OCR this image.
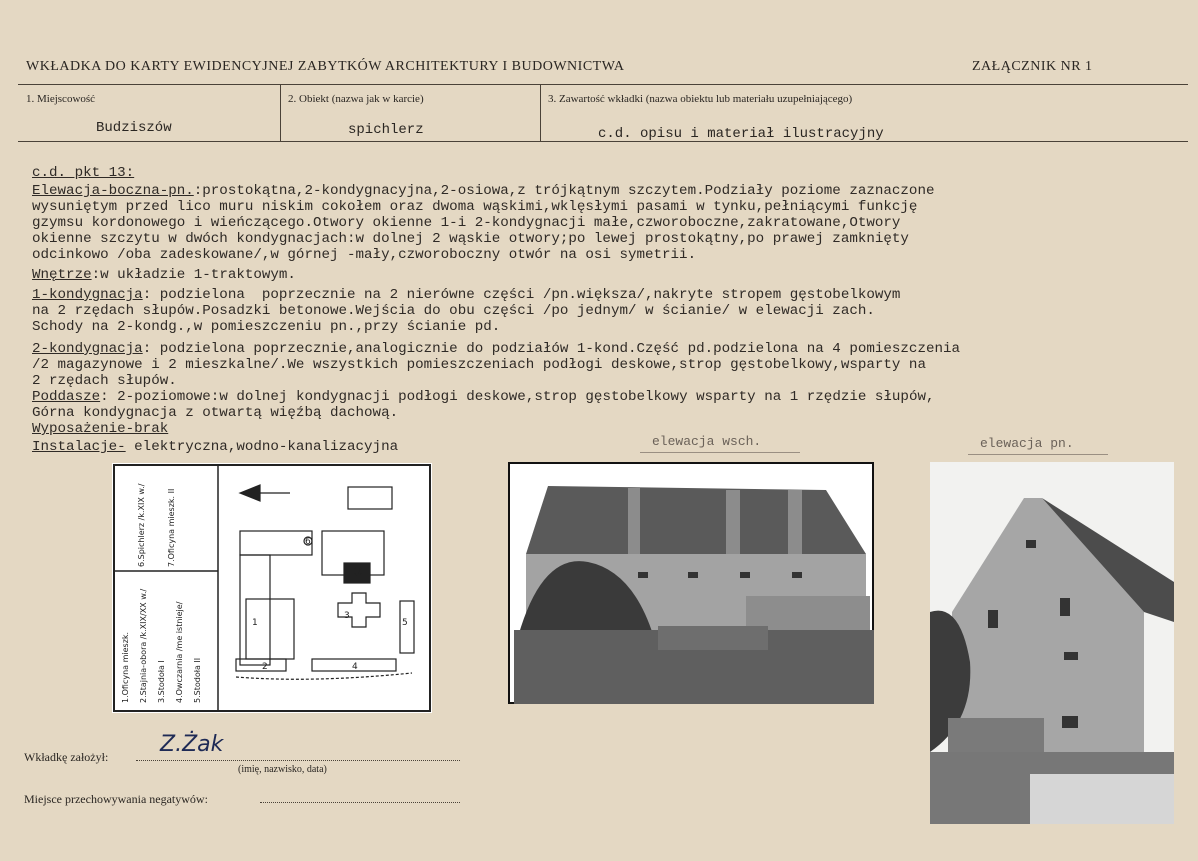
WKŁADKA DO KARTY EWIDENCYJNEJ ZABYTKÓW ARCHITEKTURY I BUDOWNICTWA	ZAŁĄCZNIK NR 1
1. Miejscowość
Budziszów
2. Obiekt (nazwa jak w karcie)
spichlerz
3. Zawartość wkładki (nazwa obiektu lub materiału uzupełniającego)
c.d. opisu i materiał ilustracyjny
c.d. pkt 13:
Elewacja-boczna-pn.:prostokątna,2-kondygnacyjna,2-osiowa,z trójkątnym szczytem.Podziały poziome zaznaczone
wysuniętym przed lico muru niskim cokołem oraz dwoma wąskimi,wklęsłymi pasami w tynku,pełniącymi funkcję
gzymsu kordonowego i wieńczącego.Otwory okienne 1-i 2-kondygnacji małe,czworoboczne,zakratowane,Otwory
okienne szczytu w dwóch kondygnacjach:w dolnej 2 wąskie otwory;po lewej prostokątny,po prawej zamknięty
odcinkowo /oba zadeskowane/,w górnej -mały,czworoboczny otwór na osi symetrii.
Wnętrze:w układzie 1-traktowym.
1-kondygnacja: podzielona  poprzecznie na 2 nierówne części /pn.większa/,nakryte stropem gęstobelkowym
na 2 rzędach słupów.Posadzki betonowe.Wejścia do obu części /po jednym/ w ścianie/ w elewacji zach.
Schody na 2-kondg.,w pomieszczeniu pn.,przy ścianie pd.
2-kondygnacja: podzielona poprzecznie,analogicznie do podziałów 1-kond.Część pd.podzielona na 4 pomieszczenia
/2 magazynowe i 2 mieszkalne/.We wszystkich pomieszczeniach podłogi deskowe,strop gęstobelkowy,wsparty na
2 rzędach słupów.
Poddasze: 2-poziomowe:w dolnej kondygnacji podłogi deskowe,strop gęstobelkowy wsparty na 1 rzędzie słupów,
Górna kondygnacja z otwartą więźbą dachową.
Wyposażenie-brak
Instalacje- elektryczna,wodno-kanalizacyjna
1.Oficyna mieszk. 2.Stajnia-obora /k.XIX/XX w./ 3.Stodoła I 4.Owczarnia /me istnieje/ 5.Stodoła II
6.Spichlerz /k.XIX w./	7.Oficyna mieszk. II	6
7
3
1	5
2	4
elewacja wsch.	elewacja pn.
Wkładkę założył: Z.Żak
(imię, nazwisko, data)
Miejsce przechowywania negatywów:
